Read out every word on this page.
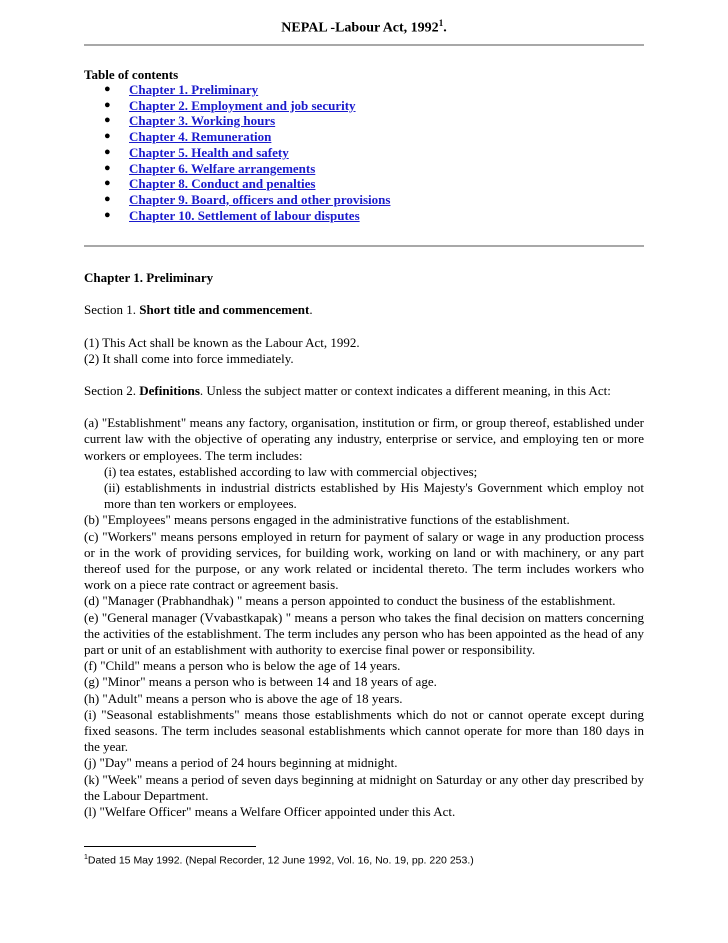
NEPAL -Labour Act, 1992$^1$.
Table of contents
● Chapter 1. Preliminary
● Chapter 2. Employment and job security
● Chapter 3. Working hours
● Chapter 4. Remuneration
● Chapter 5. Health and safety
● Chapter 6. Welfare arrangements
● Chapter 8. Conduct and penalties
● Chapter 9. Board, officers and other provisions
● Chapter 10. Settlement of labour disputes
Chapter 1. Preliminary

Section 1. Short title and commencement.

(1) This Act shall be known as the Labour Act, 1992.

(2) It shall come into force immediately.

Section 2. Definitions. Unless the subject matter or context indicates a different meaning, in this Act:

(a) "Establishment" means any factory, organisation, institution or firm, or group thereof, established under current law with the objective of operating any industry, enterprise or service, and employing ten or more workers or employees. The term includes:

(i) tea estates, established according to law with commercial objectives;

(ii) establishments in industrial districts established by His Majesty's Government which employ not more than ten workers or employees.

(b) "Employees" means persons engaged in the administrative functions of the establishment.

(c) "Workers" means persons employed in return for payment of salary or wage in any production process or in the work of providing services, for building work, working on land or with machinery, or any part thereof used for the purpose, or any work related or incidental thereto. The term includes workers who work on a piece rate contract or agreement basis.

(d) "Manager (Prabhandhak) " means a person appointed to conduct the business of the establishment.

(e) "General manager (Vvabastkapak) " means a person who takes the final decision on matters concerning the activities of the establishment. The term includes any person who has been appointed as the head of any part or unit of an establishment with authority to exercise final power or responsibility.

(f) "Child" means a person who is below the age of 14 years.

(g) "Minor" means a person who is between 14 and 18 years of age.

(h) "Adult" means a person who is above the age of 18 years.

(i) "Seasonal establishments" means those establishments which do not or cannot operate except during fixed seasons. The term includes seasonal establishments which cannot operate for more than 180 days in the year.

(j) "Day" means a period of 24 hours beginning at midnight.

(k) "Week" means a period of seven days beginning at midnight on Saturday or any other day prescribed by the Labour Department.

(l) "Welfare Officer" means a Welfare Officer appointed under this Act.

$^1$Dated 15 May 1992. (Nepal Recorder, 12 June 1992, Vol. 16, No. 19, pp. 220 253.)
